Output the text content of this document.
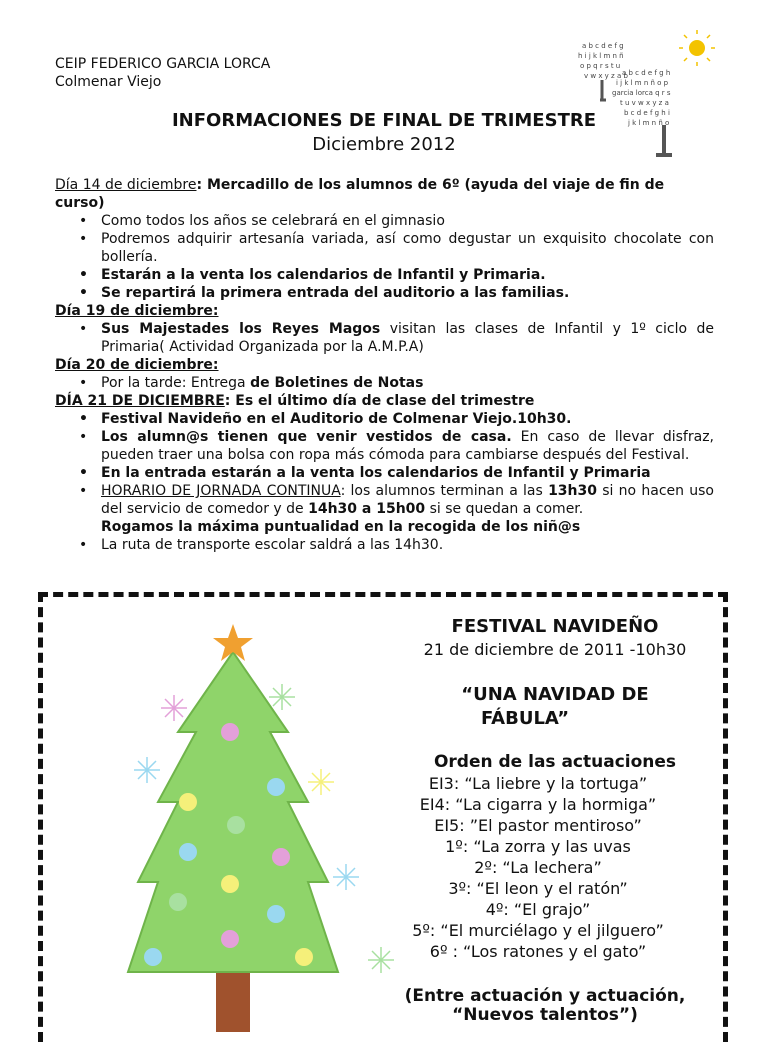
CEIP FEDERICO GARCIA LORCA
Colmenar Viejo
a b c d e f g
h i j k l m n ñ
o p q r s t u
v w x y z a b
a b c d e f g h
i j k l m n ñ o p
garcia lorca q r s
t u v w x y z a
b c d e f g h i
j k l m n ñ o
INFORMACIONES DE FINAL DE TRIMESTRE
Diciembre 2012

Día 14 de diciembre: Mercadillo de los alumnos de 6º (ayuda del viaje de fin de curso)

• Como todos los años se celebrará en el gimnasio
• Podremos adquirir artesanía variada, así como degustar un exquisito chocolate con bollería.
• Estarán a la venta los calendarios de Infantil y Primaria.
• Se repartirá la primera entrada del auditorio a las familias.

Día 19 de diciembre:

• Sus Majestades los Reyes Magos visitan las clases de Infantil y 1º ciclo de Primaria( Actividad Organizada por la A.M.P.A)

Día 20 de diciembre:

• Por la tarde: Entrega de Boletines de Notas

DÍA 21 DE DICIEMBRE: Es el último día de clase del trimestre

• Festival Navideño en el Auditorio de Colmenar Viejo.10h30.
• Los alumn@s tienen que venir vestidos de casa. En caso de llevar disfraz, pueden traer una bolsa con ropa más cómoda para cambiarse después del Festival.
• En la entrada estarán a la venta los calendarios de Infantil y Primaria
• HORARIO DE JORNADA CONTINUA: los alumnos terminan a las 13h30 si no hacen uso del servicio de comedor y de 14h30 a 15h00 si se quedan a comer.
Rogamos la máxima puntualidad en la recogida de los niñ@s
• La ruta de transporte escolar saldrá a las 14h30.
FESTIVAL NAVIDEÑO
21 de diciembre de 2011 -10h30
“UNA NAVIDAD DE
FÁBULA”
Orden de las actuaciones
EI3: “La liebre y la tortuga”
EI4: “La cigarra y la hormiga”
EI5: ”El pastor mentiroso”
1º: “La zorra y las uvas
2º: “La lechera”
3º: “El leon y el ratón”
4º: “El grajo”
5º: “El murciélago y el jilguero”
6º : “Los ratones y el gato”
(Entre actuación y actuación,
“Nuevos talentos”)
